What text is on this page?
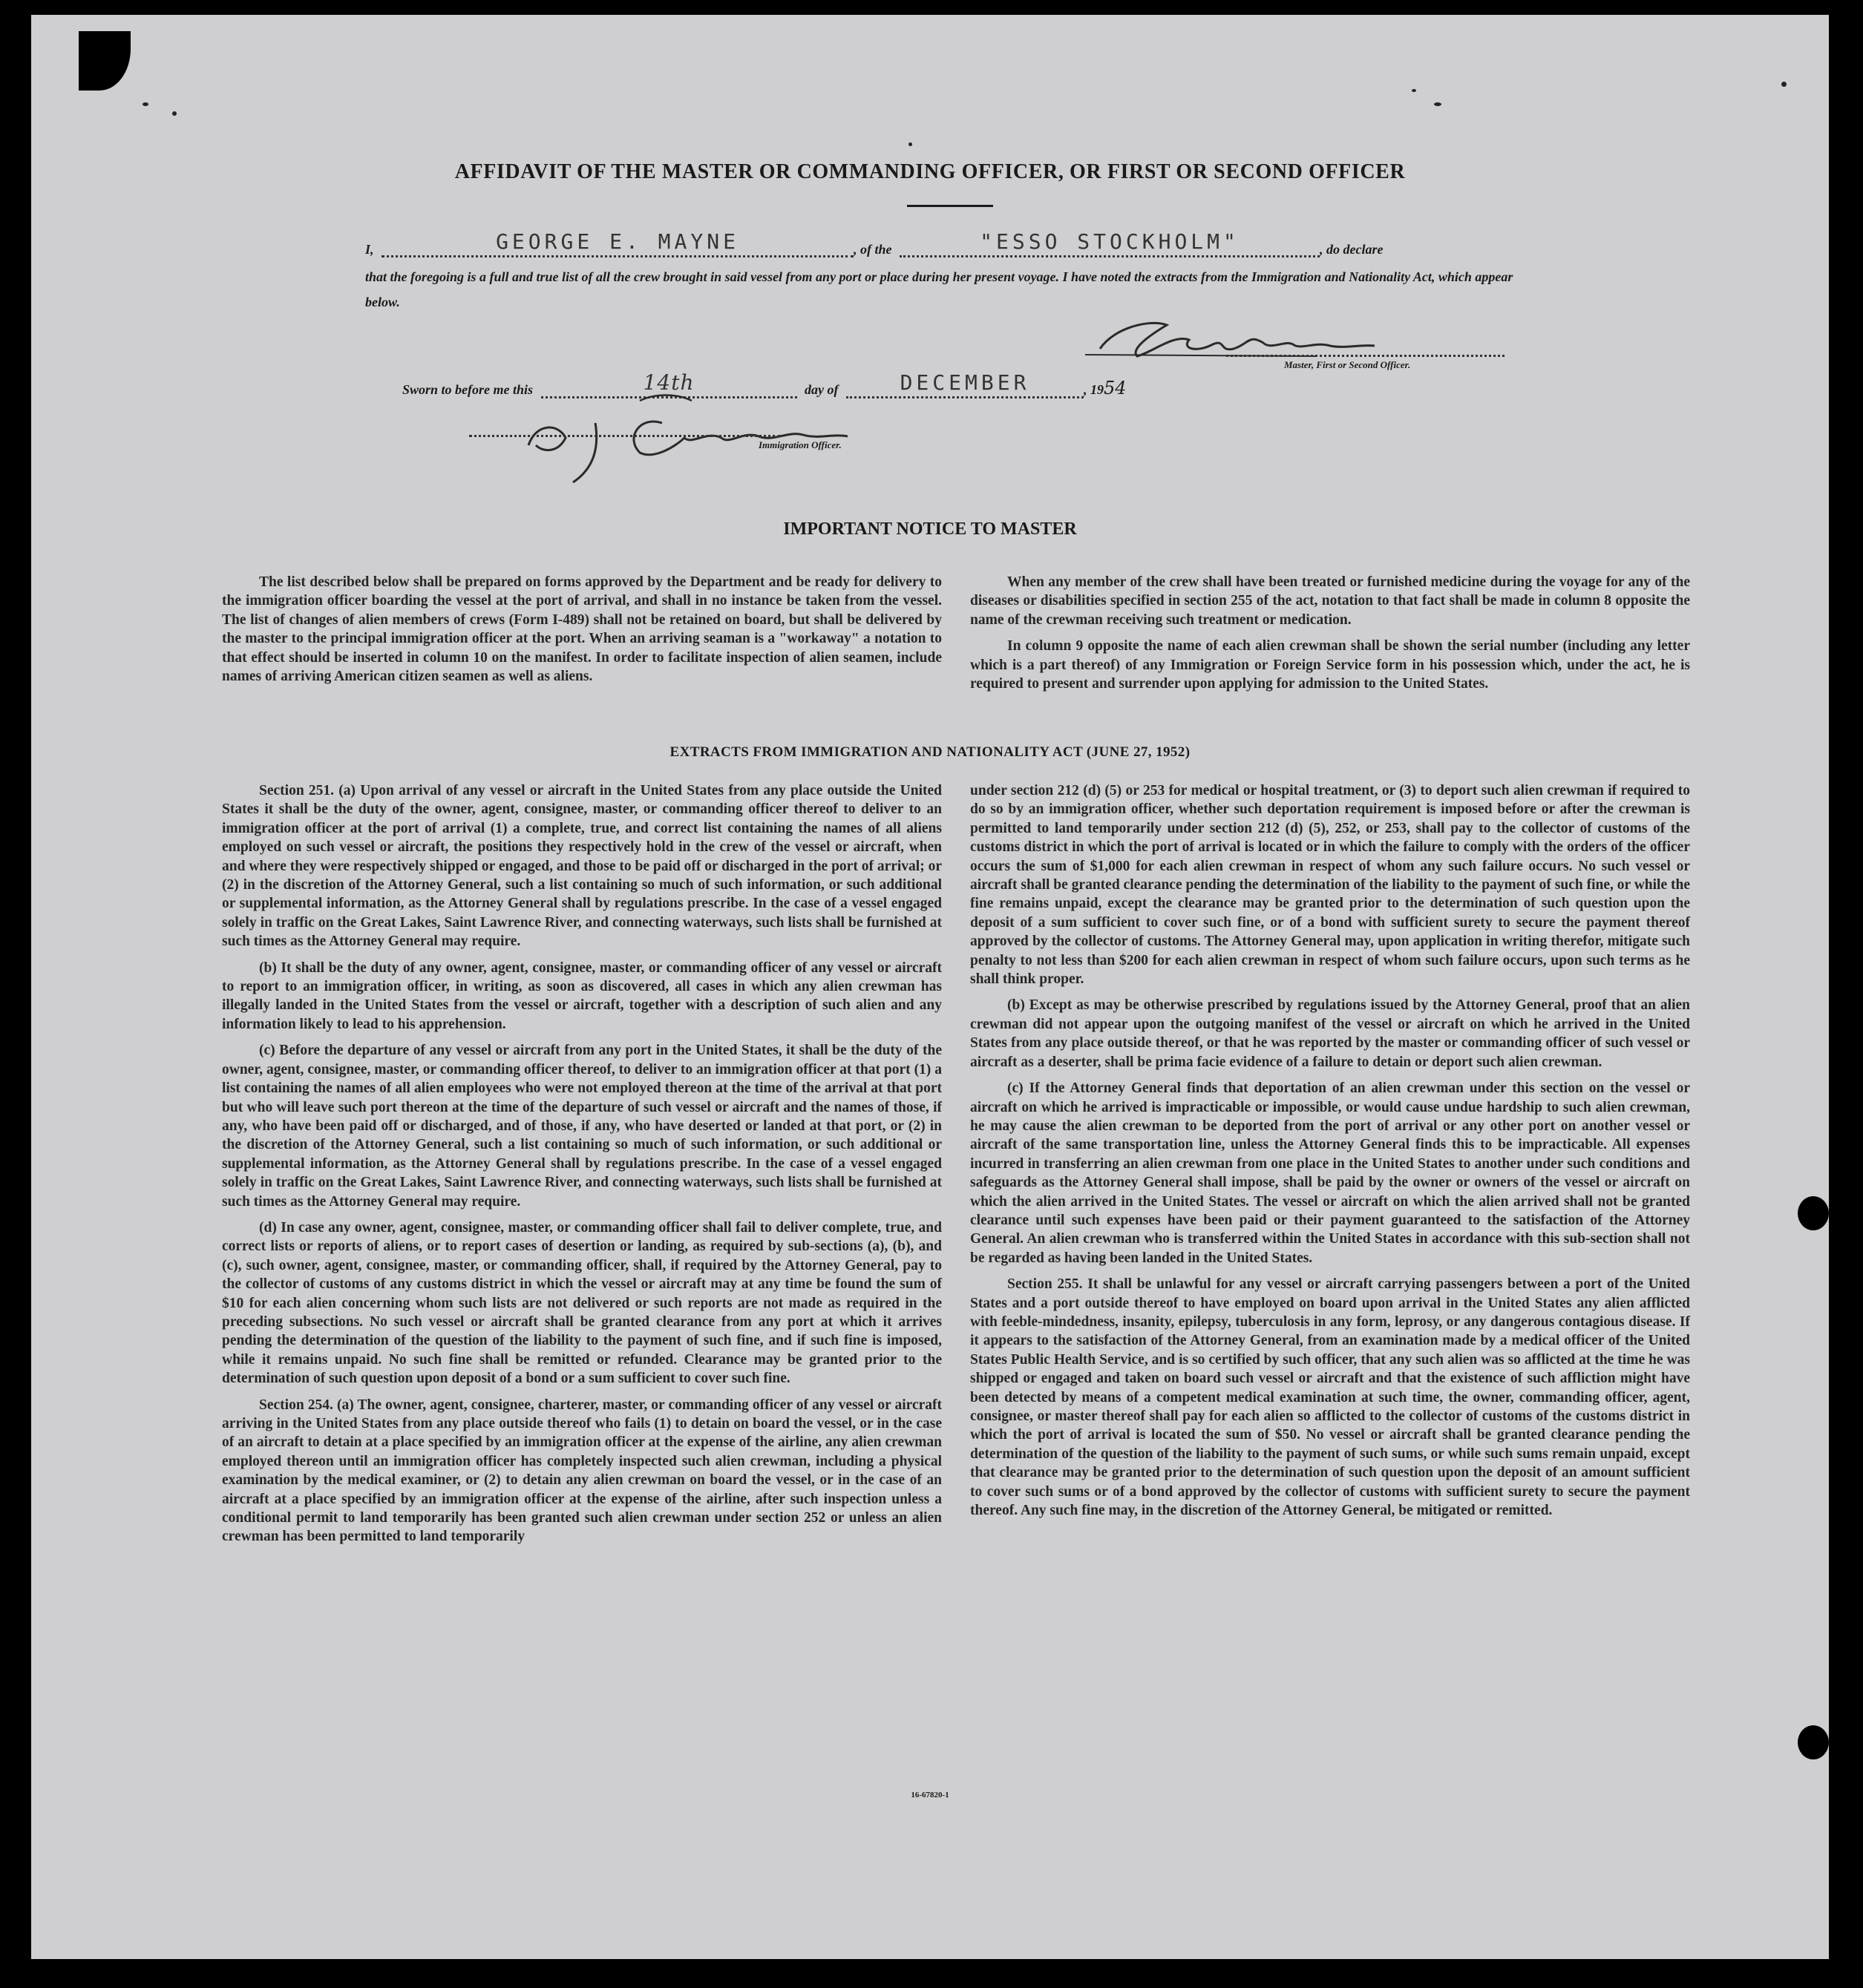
AFFIDAVIT OF THE MASTER OR COMMANDING OFFICER, OR FIRST OR SECOND OFFICER
I,	GEORGE E. MAYNE	, of the	"ESSO STOCKHOLM"	, do declare
that the foregoing is a full and true list of all the crew brought in said vessel from any port or place during her present voyage. I have noted the extracts from the Immigration and Nationality Act, which appear below.
Master, First or Second Officer.
Sworn to before me this	14th	day of	DECEMBER	, 1954
Immigration Officer.
IMPORTANT NOTICE TO MASTER

The list described below shall be prepared on forms approved by the Department and be ready for delivery to the immigration officer boarding the vessel at the port of arrival, and shall in no instance be taken from the vessel. The list of changes of alien members of crews (Form I-489) shall not be retained on board, but shall be delivered by the master to the principal immigration officer at the port. When an arriving seaman is a "workaway" a notation to that effect should be inserted in column 10 on the manifest. In order to facilitate inspection of alien seamen, include names of arriving American citizen seamen as well as aliens.

When any member of the crew shall have been treated or furnished medicine during the voyage for any of the diseases or disabilities specified in section 255 of the act, notation to that fact shall be made in column 8 opposite the name of the crewman receiving such treatment or medication.

In column 9 opposite the name of each alien crewman shall be shown the serial number (including any letter which is a part thereof) of any Immigration or Foreign Service form in his possession which, under the act, he is required to present and surrender upon applying for admission to the United States.

EXTRACTS FROM IMMIGRATION AND NATIONALITY ACT (JUNE 27, 1952)

Section 251. (a) Upon arrival of any vessel or aircraft in the United States from any place outside the United States it shall be the duty of the owner, agent, consignee, master, or commanding officer thereof to deliver to an immigration officer at the port of arrival (1) a complete, true, and correct list containing the names of all aliens employed on such vessel or aircraft, the positions they respectively hold in the crew of the vessel or aircraft, when and where they were respectively shipped or engaged, and those to be paid off or discharged in the port of arrival; or (2) in the discretion of the Attorney General, such a list containing so much of such information, or such additional or supplemental information, as the Attorney General shall by regulations prescribe. In the case of a vessel engaged solely in traffic on the Great Lakes, Saint Lawrence River, and connecting waterways, such lists shall be furnished at such times as the Attorney General may require.

(b) It shall be the duty of any owner, agent, consignee, master, or commanding officer of any vessel or aircraft to report to an immigration officer, in writing, as soon as discovered, all cases in which any alien crewman has illegally landed in the United States from the vessel or aircraft, together with a description of such alien and any information likely to lead to his apprehension.

(c) Before the departure of any vessel or aircraft from any port in the United States, it shall be the duty of the owner, agent, consignee, master, or commanding officer thereof, to deliver to an immigration officer at that port (1) a list containing the names of all alien employees who were not employed thereon at the time of the arrival at that port but who will leave such port thereon at the time of the departure of such vessel or aircraft and the names of those, if any, who have been paid off or discharged, and of those, if any, who have deserted or landed at that port, or (2) in the discretion of the Attorney General, such a list containing so much of such information, or such additional or supplemental information, as the Attorney General shall by regulations prescribe. In the case of a vessel engaged solely in traffic on the Great Lakes, Saint Lawrence River, and connecting waterways, such lists shall be furnished at such times as the Attorney General may require.

(d) In case any owner, agent, consignee, master, or commanding officer shall fail to deliver complete, true, and correct lists or reports of aliens, or to report cases of desertion or landing, as required by sub-sections (a), (b), and (c), such owner, agent, consignee, master, or commanding officer, shall, if required by the Attorney General, pay to the collector of customs of any customs district in which the vessel or aircraft may at any time be found the sum of $10 for each alien concerning whom such lists are not delivered or such reports are not made as required in the preceding subsections. No such vessel or aircraft shall be granted clearance from any port at which it arrives pending the determination of the question of the liability to the payment of such fine, and if such fine is imposed, while it remains unpaid. No such fine shall be remitted or refunded. Clearance may be granted prior to the determination of such question upon deposit of a bond or a sum sufficient to cover such fine.

Section 254. (a) The owner, agent, consignee, charterer, master, or commanding officer of any vessel or aircraft arriving in the United States from any place outside thereof who fails (1) to detain on board the vessel, or in the case of an aircraft to detain at a place specified by an immigration officer at the expense of the airline, any alien crewman employed thereon until an immigration officer has completely inspected such alien crewman, including a physical examination by the medical examiner, or (2) to detain any alien crewman on board the vessel, or in the case of an aircraft at a place specified by an immigration officer at the expense of the airline, after such inspection unless a conditional permit to land temporarily has been granted such alien crewman under section 252 or unless an alien crewman has been permitted to land temporarily

under section 212 (d) (5) or 253 for medical or hospital treatment, or (3) to deport such alien crewman if required to do so by an immigration officer, whether such deportation requirement is imposed before or after the crewman is permitted to land temporarily under section 212 (d) (5), 252, or 253, shall pay to the collector of customs of the customs district in which the port of arrival is located or in which the failure to comply with the orders of the officer occurs the sum of $1,000 for each alien crewman in respect of whom any such failure occurs. No such vessel or aircraft shall be granted clearance pending the determination of the liability to the payment of such fine, or while the fine remains unpaid, except the clearance may be granted prior to the determination of such question upon the deposit of a sum sufficient to cover such fine, or of a bond with sufficient surety to secure the payment thereof approved by the collector of customs. The Attorney General may, upon application in writing therefor, mitigate such penalty to not less than $200 for each alien crewman in respect of whom such failure occurs, upon such terms as he shall think proper.

(b) Except as may be otherwise prescribed by regulations issued by the Attorney General, proof that an alien crewman did not appear upon the outgoing manifest of the vessel or aircraft on which he arrived in the United States from any place outside thereof, or that he was reported by the master or commanding officer of such vessel or aircraft as a deserter, shall be prima facie evidence of a failure to detain or deport such alien crewman.

(c) If the Attorney General finds that deportation of an alien crewman under this section on the vessel or aircraft on which he arrived is impracticable or impossible, or would cause undue hardship to such alien crewman, he may cause the alien crewman to be deported from the port of arrival or any other port on another vessel or aircraft of the same transportation line, unless the Attorney General finds this to be impracticable. All expenses incurred in transferring an alien crewman from one place in the United States to another under such conditions and safeguards as the Attorney General shall impose, shall be paid by the owner or owners of the vessel or aircraft on which the alien arrived in the United States. The vessel or aircraft on which the alien arrived shall not be granted clearance until such expenses have been paid or their payment guaranteed to the satisfaction of the Attorney General. An alien crewman who is transferred within the United States in accordance with this sub-section shall not be regarded as having been landed in the United States.

Section 255. It shall be unlawful for any vessel or aircraft carrying passengers between a port of the United States and a port outside thereof to have employed on board upon arrival in the United States any alien afflicted with feeble-mindedness, insanity, epilepsy, tuberculosis in any form, leprosy, or any dangerous contagious disease. If it appears to the satisfaction of the Attorney General, from an examination made by a medical officer of the United States Public Health Service, and is so certified by such officer, that any such alien was so afflicted at the time he was shipped or engaged and taken on board such vessel or aircraft and that the existence of such affliction might have been detected by means of a competent medical examination at such time, the owner, commanding officer, agent, consignee, or master thereof shall pay for each alien so afflicted to the collector of customs of the customs district in which the port of arrival is located the sum of $50. No vessel or aircraft shall be granted clearance pending the determination of the question of the liability to the payment of such sums, or while such sums remain unpaid, except that clearance may be granted prior to the determination of such question upon the deposit of an amount sufficient to cover such sums or of a bond approved by the collector of customs with sufficient surety to secure the payment thereof. Any such fine may, in the discretion of the Attorney General, be mitigated or remitted.

16-67820-1
